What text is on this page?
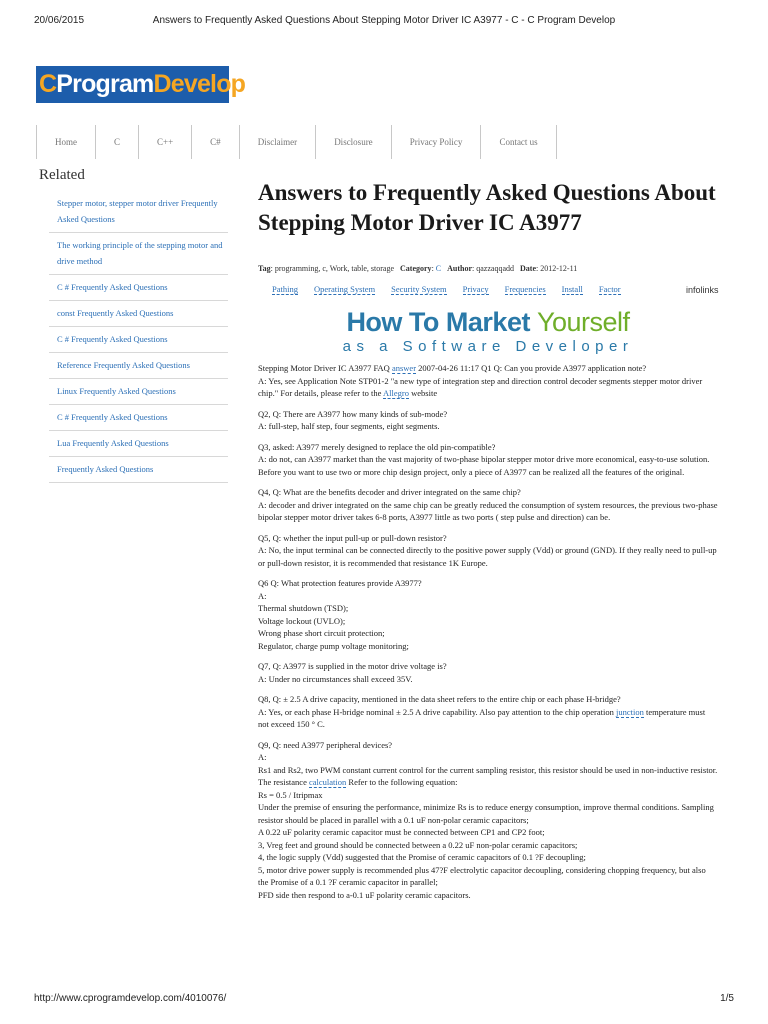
20/06/2015	Answers to Frequently Asked Questions About Stepping Motor Driver IC A3977 - C - C Program Develop
CProgramDevelop
Home	C	C++	C#	Disclaimer	Disclosure	Privacy Policy	Contact us
Related
Stepper motor, stepper motor driver Frequently Asked Questions
The working principle of the stepping motor and drive method
C # Frequently Asked Questions
const Frequently Asked Questions
C # Frequently Asked Questions
Reference Frequently Asked Questions
Linux Frequently Asked Questions
C # Frequently Asked Questions
Lua Frequently Asked Questions
Frequently Asked Questions
Answers to Frequently Asked Questions About Stepping Motor Driver IC A3977
Tag: programming, c, Work, table, storage Category: C Author: qazzaqqadd Date: 2012-12-11
Pathing Operating System Security System Privacy Frequencies Install Factor	infolinks
How To Market Yourself
as a Software Developer

Stepping Motor Driver IC A3977 FAQ answer 2007-04-26 11:17 Q1 Q: Can you provide A3977 application note?
A: Yes, see Application Note STP01-2 "a new type of integration step and direction control decoder segments stepper motor driver chip." For details, please refer to the Allegro website

Q2, Q: There are A3977 how many kinds of sub-mode?
A: full-step, half step, four segments, eight segments.

Q3, asked: A3977 merely designed to replace the old pin-compatible?
A: do not, can A3977 market than the vast majority of two-phase bipolar stepper motor drive more economical, easy-to-use solution. Before you want to use two or more chip design project, only a piece of A3977 can be realized all the features of the original.

Q4, Q: What are the benefits decoder and driver integrated on the same chip?
A: decoder and driver integrated on the same chip can be greatly reduced the consumption of system resources, the previous two-phase bipolar stepper motor driver takes 6-8 ports, A3977 little as two ports ( step pulse and direction) can be.

Q5, Q: whether the input pull-up or pull-down resistor?
A: No, the input terminal can be connected directly to the positive power supply (Vdd) or ground (GND). If they really need to pull-up or pull-down resistor, it is recommended that resistance 1K Europe.

Q6 Q: What protection features provide A3977?
A:
Thermal shutdown (TSD);
Voltage lockout (UVLO);
Wrong phase short circuit protection;
Regulator, charge pump voltage monitoring;

Q7, Q: A3977 is supplied in the motor drive voltage is?
A: Under no circumstances shall exceed 35V.

Q8, Q: ± 2.5 A drive capacity, mentioned in the data sheet refers to the entire chip or each phase H-bridge?
A: Yes, or each phase H-bridge nominal ± 2.5 A drive capability. Also pay attention to the chip operation junction temperature must not exceed 150 ° C.

Q9, Q: need A3977 peripheral devices?
A:
Rs1 and Rs2, two PWM constant current control for the current sampling resistor, this resistor should be used in non-inductive resistor. The resistance calculation Refer to the following equation:
Rs = 0.5 / Itripmax
Under the premise of ensuring the performance, minimize Rs is to reduce energy consumption, improve thermal conditions. Sampling resistor should be placed in parallel with a 0.1 uF non-polar ceramic capacitors;
A 0.22 uF polarity ceramic capacitor must be connected between CP1 and CP2 foot;
3, Vreg feet and ground should be connected between a 0.22 uF non-polar ceramic capacitors;
4, the logic supply (Vdd) suggested that the Promise of ceramic capacitors of 0.1 ?F decoupling;
5, motor drive power supply is recommended plus 47?F electrolytic capacitor decoupling, considering chopping frequency, but also the Promise of a 0.1 ?F ceramic capacitor in parallel;
PFD side then respond to a-0.1 uF polarity ceramic capacitors.

http://www.cprogramdevelop.com/4010076/	1/5
